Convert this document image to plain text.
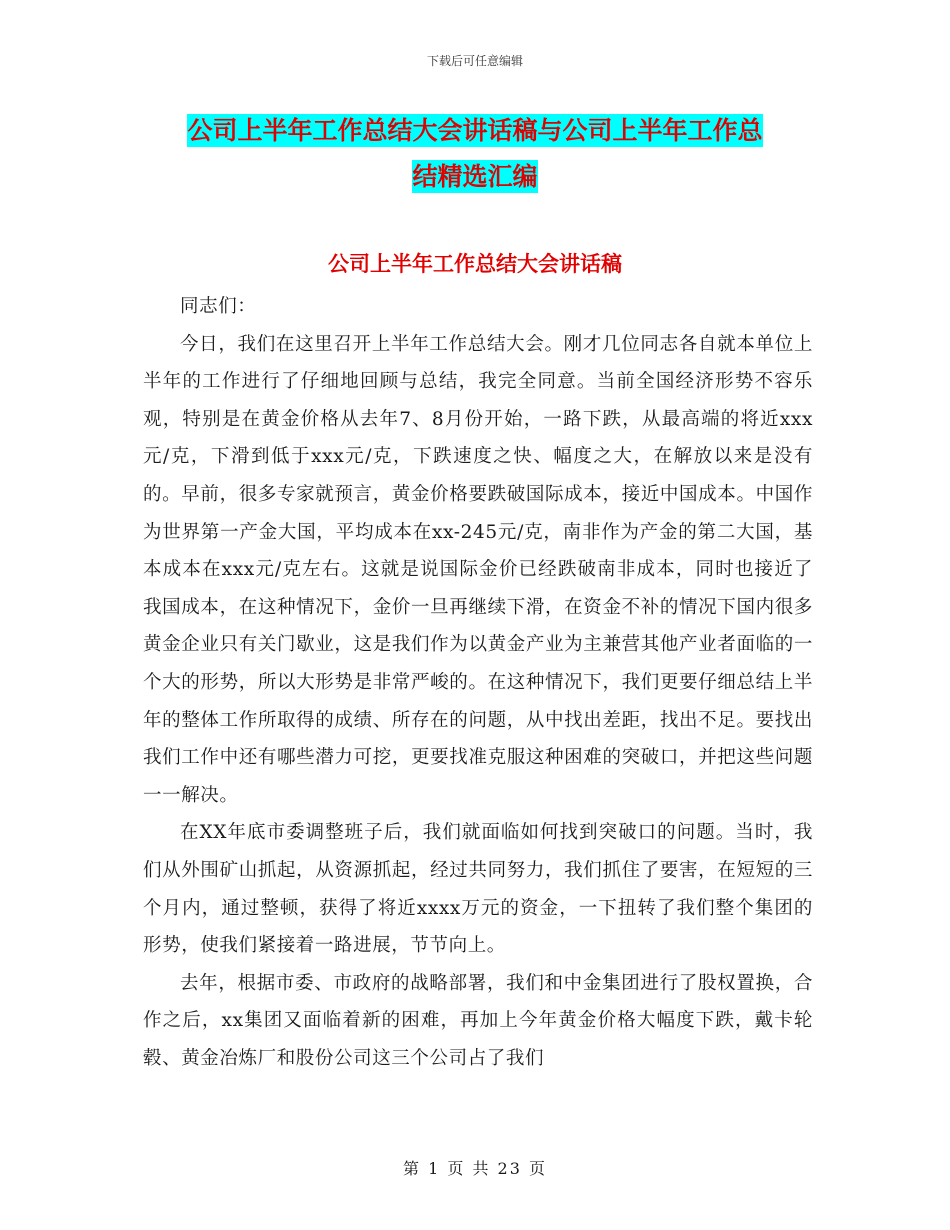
下载后可任意编辑
公司上半年工作总结大会讲话稿与公司上半年工作总
结精选汇编
公司上半年工作总结大会讲话稿

同志们：

今日，我们在这里召开上半年工作总结大会。刚才几位同志各自就本单位上半年的工作进行了仔细地回顾与总结，我完全同意。当前全国经济形势不容乐观，特别是在黄金价格从去年7、8月份开始，一路下跌，从最高端的将近xxx元/克，下滑到低于xxx元/克，下跌速度之快、幅度之大，在解放以来是没有的。早前，很多专家就预言，黄金价格要跌破国际成本，接近中国成本。中国作为世界第一产金大国，平均成本在xx-245元/克，南非作为产金的第二大国，基本成本在xxx元/克左右。这就是说国际金价已经跌破南非成本，同时也接近了我国成本，在这种情况下，金价一旦再继续下滑，在资金不补的情况下国内很多黄金企业只有关门歇业，这是我们作为以黄金产业为主兼营其他产业者面临的一个大的形势，所以大形势是非常严峻的。在这种情况下，我们更要仔细总结上半年的整体工作所取得的成绩、所存在的问题，从中找出差距，找出不足。要找出我们工作中还有哪些潜力可挖，更要找准克服这种困难的突破口，并把这些问题一一解决。

在XX年底市委调整班子后，我们就面临如何找到突破口的问题。当时，我们从外围矿山抓起，从资源抓起，经过共同努力，我们抓住了要害，在短短的三个月内，通过整顿，获得了将近xxxx万元的资金，一下扭转了我们整个集团的形势，使我们紧接着一路进展，节节向上。

去年，根据市委、市政府的战略部署，我们和中金集团进行了股权置换，合作之后，xx集团又面临着新的困难，再加上今年黄金价格大幅度下跌，戴卡轮毂、黄金冶炼厂和股份公司这三个公司占了我们

第 1 页 共 23 页
